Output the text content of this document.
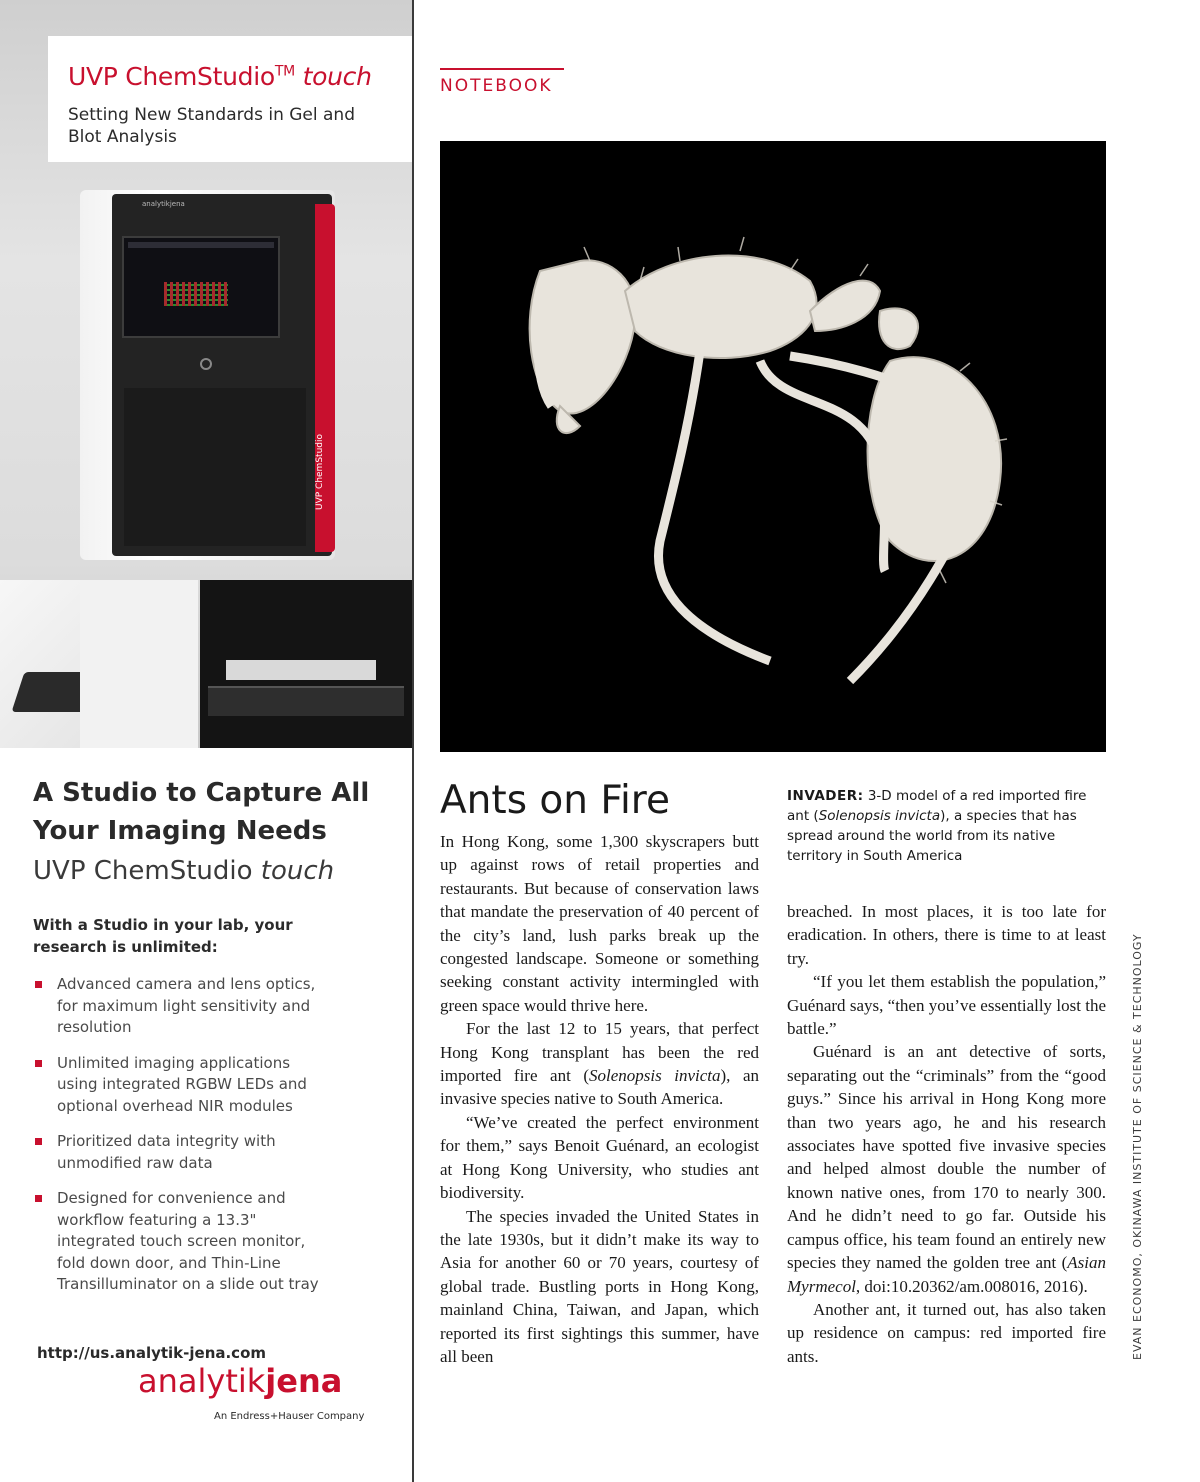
UVP ChemStudio™ touch
Setting New Standards in Gel and Blot Analysis
analytikjena
UVP ChemStudio
A Studio to Capture All Your Imaging Needs
UVP ChemStudio touch
With a Studio in your lab, your research is unlimited:
Advanced camera and lens optics, for maximum light sensitivity and resolution
Unlimited imaging applications using integrated RGBW LEDs and optional overhead NIR modules
Prioritized data integrity with unmodified raw data
Designed for convenience and workflow featuring a 13.3" integrated touch screen monitor, fold down door, and Thin-Line Transilluminator on a slide out tray
http://us.analytik-jena.com
analytikjena
An Endress+Hauser Company
NOTEBOOK
Ants on Fire	INVADER: 3-D model of a red imported fire ant (Solenopsis invicta), a species that has spread around the world from its native territory in South America

In Hong Kong, some 1,300 skyscrapers butt up against rows of retail properties and restaurants. But because of conservation laws that mandate the preservation of 40 percent of the city’s land, lush parks break up the congested landscape. Someone or something seeking constant activity intermingled with green space would thrive here.

For the last 12 to 15 years, that perfect Hong Kong transplant has been the red imported fire ant (Solenopsis invicta), an invasive species native to South America.

“We’ve created the perfect environment for them,” says Benoit Guénard, an ecologist at Hong Kong University, who studies ant biodiversity.

The species invaded the United States in the late 1930s, but it didn’t make its way to Asia for another 60 or 70 years, courtesy of global trade. Bustling ports in Hong Kong, mainland China, Taiwan, and Japan, which reported its first sightings this summer, have all been

breached. In most places, it is too late for eradication. In others, there is time to at least try.

“If you let them establish the population,” Guénard says, “then you’ve essentially lost the battle.”

Guénard is an ant detective of sorts, separating out the “criminals” from the “good guys.” Since his arrival in Hong Kong more than two years ago, he and his research associates have spotted five invasive species and helped almost double the number of known native ones, from 170 to nearly 300. And he didn’t need to go far. Outside his campus office, his team found an entirely new species they named the golden tree ant (Asian Myrmecol, doi:10.20362/am.008016, 2016).

Another ant, it turned out, has also taken up residence on campus: red imported fire ants.	EVAN ECONOMO, OKINAWA INSTITUTE OF SCIENCE & TECHNOLOGY
